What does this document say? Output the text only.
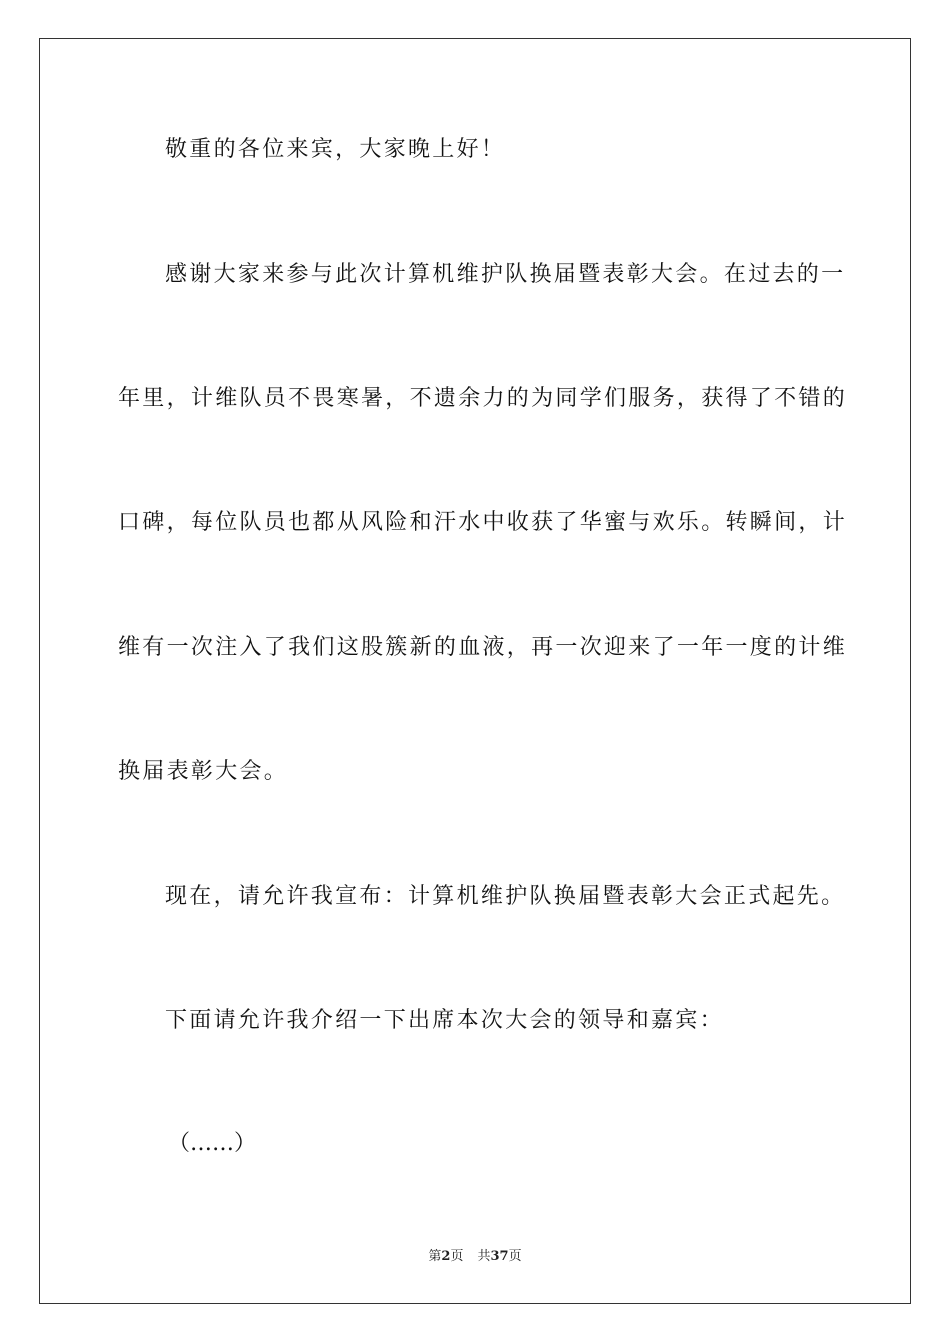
敬重的各位来宾，大家晚上好！
感谢大家来参与此次计算机维护队换届暨表彰大会。在过去的一
年里，计维队员不畏寒暑，不遗余力的为同学们服务，获得了不错的
口碑，每位队员也都从风险和汗水中收获了华蜜与欢乐。转瞬间，计
维有一次注入了我们这股簇新的血液，再一次迎来了一年一度的计维
换届表彰大会。
现在，请允许我宣布：计算机维护队换届暨表彰大会正式起先。
下面请允许我介绍一下出席本次大会的领导和嘉宾：
（……）
第2页 共37页
